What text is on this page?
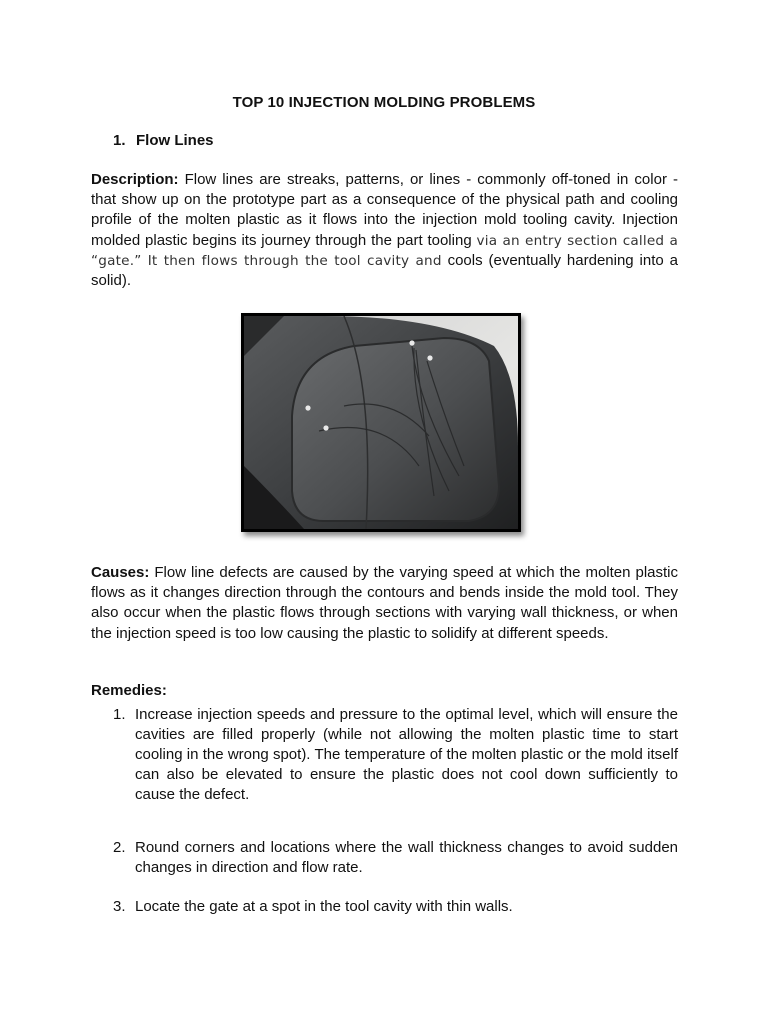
TOP 10 INJECTION MOLDING PROBLEMS
1. Flow Lines
Description: Flow lines are streaks, patterns, or lines - commonly off-toned in color - that show up on the prototype part as a consequence of the physical path and cooling profile of the molten plastic as it flows into the injection mold tooling cavity. Injection molded plastic begins its journey through the part tooling via an entry section called a “gate.” It then flows through the tool cavity and cools (eventually hardening into a solid).
Causes: Flow line defects are caused by the varying speed at which the molten plastic flows as it changes direction through the contours and bends inside the mold tool. They also occur when the plastic flows through sections with varying wall thickness, or when the injection speed is too low causing the plastic to solidify at different speeds.
Remedies:
1. Increase injection speeds and pressure to the optimal level, which will ensure the cavities are filled properly (while not allowing the molten plastic time to start cooling in the wrong spot). The temperature of the molten plastic or the mold itself can also be elevated to ensure the plastic does not cool down sufficiently to cause the defect.
2. Round corners and locations where the wall thickness changes to avoid sudden changes in direction and flow rate.
3. Locate the gate at a spot in the tool cavity with thin walls.
